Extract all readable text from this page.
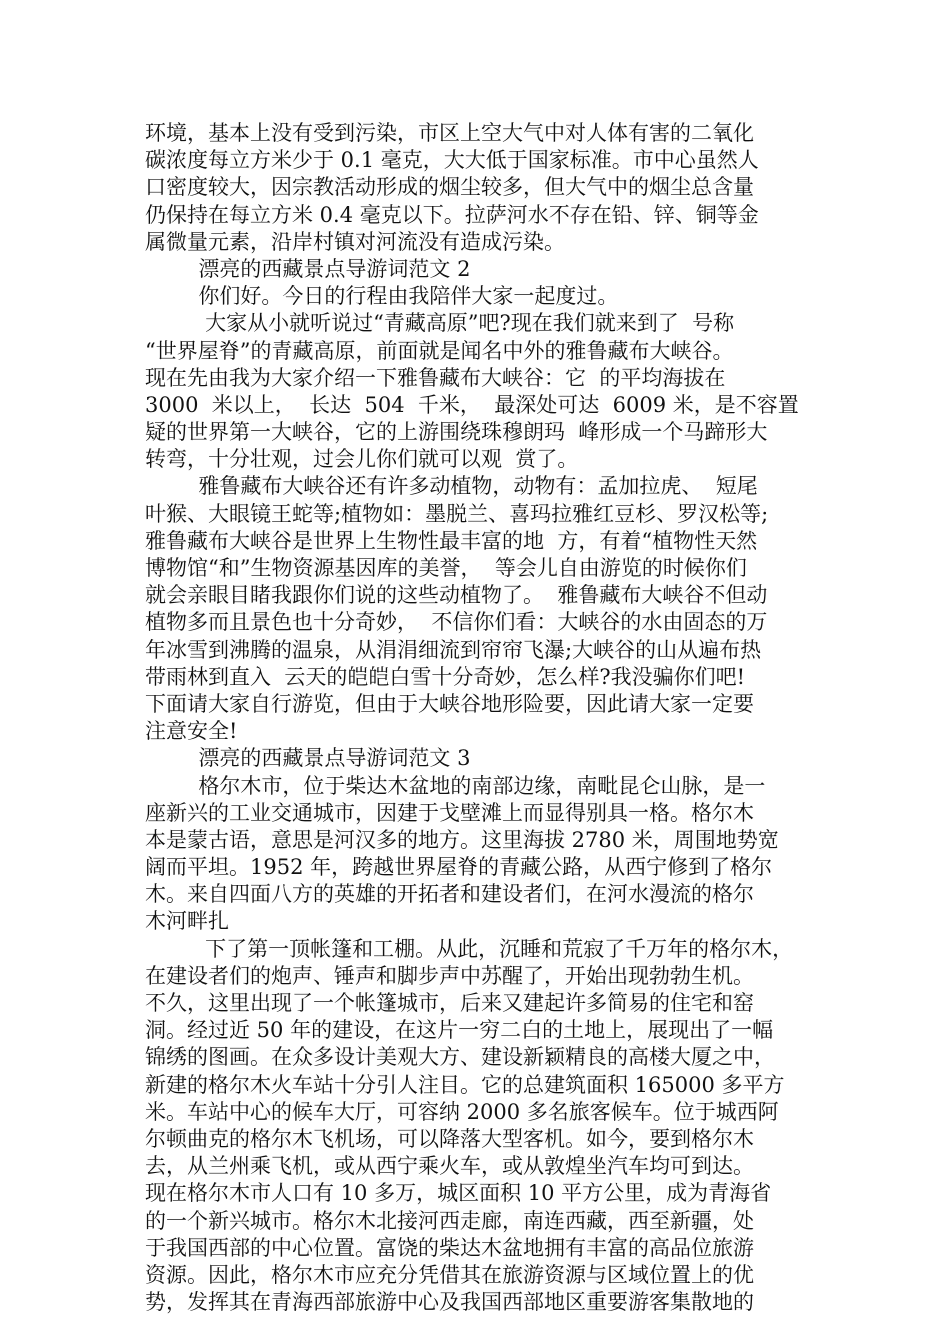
环境，基本上没有受到污染，市区上空大气中对人体有害的二氧化
碳浓度每立方米少于 0.1 毫克，大大低于国家标准。市中心虽然人
口密度较大，因宗教活动形成的烟尘较多，但大气中的烟尘总含量
仍保持在每立方米 0.4 毫克以下。拉萨河水不存在铅、锌、铜等金
属微量元素，沿岸村镇对河流没有造成污染。
漂亮的西藏景点导游词范文 2
你们好。今日的行程由我陪伴大家一起度过。
大家从小就听说过“青藏高原”吧?现在我们就来到了  号称
“世界屋脊”的青藏高原，前面就是闻名中外的雅鲁藏布大峡谷。
现在先由我为大家介绍一下雅鲁藏布大峡谷：它  的平均海拔在
3000  米以上，  长达  504  千米，  最深处可达  6009 米，是不容置
疑的世界第一大峡谷，它的上游围绕珠穆朗玛  峰形成一个马蹄形大
转弯，十分壮观，过会儿你们就可以观  赏了。
雅鲁藏布大峡谷还有许多动植物，动物有：孟加拉虎、  短尾
叶猴、大眼镜王蛇等;植物如：墨脱兰、喜玛拉雅红豆杉、罗汉松等;
雅鲁藏布大峡谷是世界上生物性最丰富的地  方，有着“植物性天然
博物馆“和”生物资源基因库的美誉，  等会儿自由游览的时候你们
就会亲眼目睹我跟你们说的这些动植物了。  雅鲁藏布大峡谷不但动
植物多而且景色也十分奇妙，  不信你们看：大峡谷的水由固态的万
年冰雪到沸腾的温泉，从涓涓细流到帘帘飞瀑;大峡谷的山从遍布热
带雨林到直入  云天的皑皑白雪十分奇妙，怎么样?我没骗你们吧!
下面请大家自行游览，但由于大峡谷地形险要，因此请大家一定要
注意安全!
漂亮的西藏景点导游词范文 3
格尔木市，位于柴达木盆地的南部边缘，南毗昆仑山脉，是一
座新兴的工业交通城市，因建于戈壁滩上而显得别具一格。格尔木
本是蒙古语，意思是河汉多的地方。这里海拔 2780 米，周围地势宽
阔而平坦。1952 年，跨越世界屋脊的青藏公路，从西宁修到了格尔
木。来自四面八方的英雄的开拓者和建设者们，在河水漫流的格尔
木河畔扎
下了第一顶帐篷和工棚。从此，沉睡和荒寂了千万年的格尔木，
在建设者们的炮声、锤声和脚步声中苏醒了，开始出现勃勃生机。
不久，这里出现了一个帐篷城市，后来又建起许多简易的住宅和窑
洞。经过近 50 年的建设，在这片一穷二白的土地上，展现出了一幅
锦绣的图画。在众多设计美观大方、建设新颖精良的高楼大厦之中，
新建的格尔木火车站十分引人注目。它的总建筑面积 165000 多平方
米。车站中心的候车大厅，可容纳 2000 多名旅客候车。位于城西阿
尔顿曲克的格尔木飞机场，可以降落大型客机。如今，要到格尔木
去，从兰州乘飞机，或从西宁乘火车，或从敦煌坐汽车均可到达。
现在格尔木市人口有 10 多万，城区面积 10 平方公里，成为青海省
的一个新兴城市。格尔木北接河西走廊，南连西藏，西至新疆，处
于我国西部的中心位置。富饶的柴达木盆地拥有丰富的高品位旅游
资源。因此，格尔木市应充分凭借其在旅游资源与区域位置上的优
势，发挥其在青海西部旅游中心及我国西部地区重要游客集散地的
